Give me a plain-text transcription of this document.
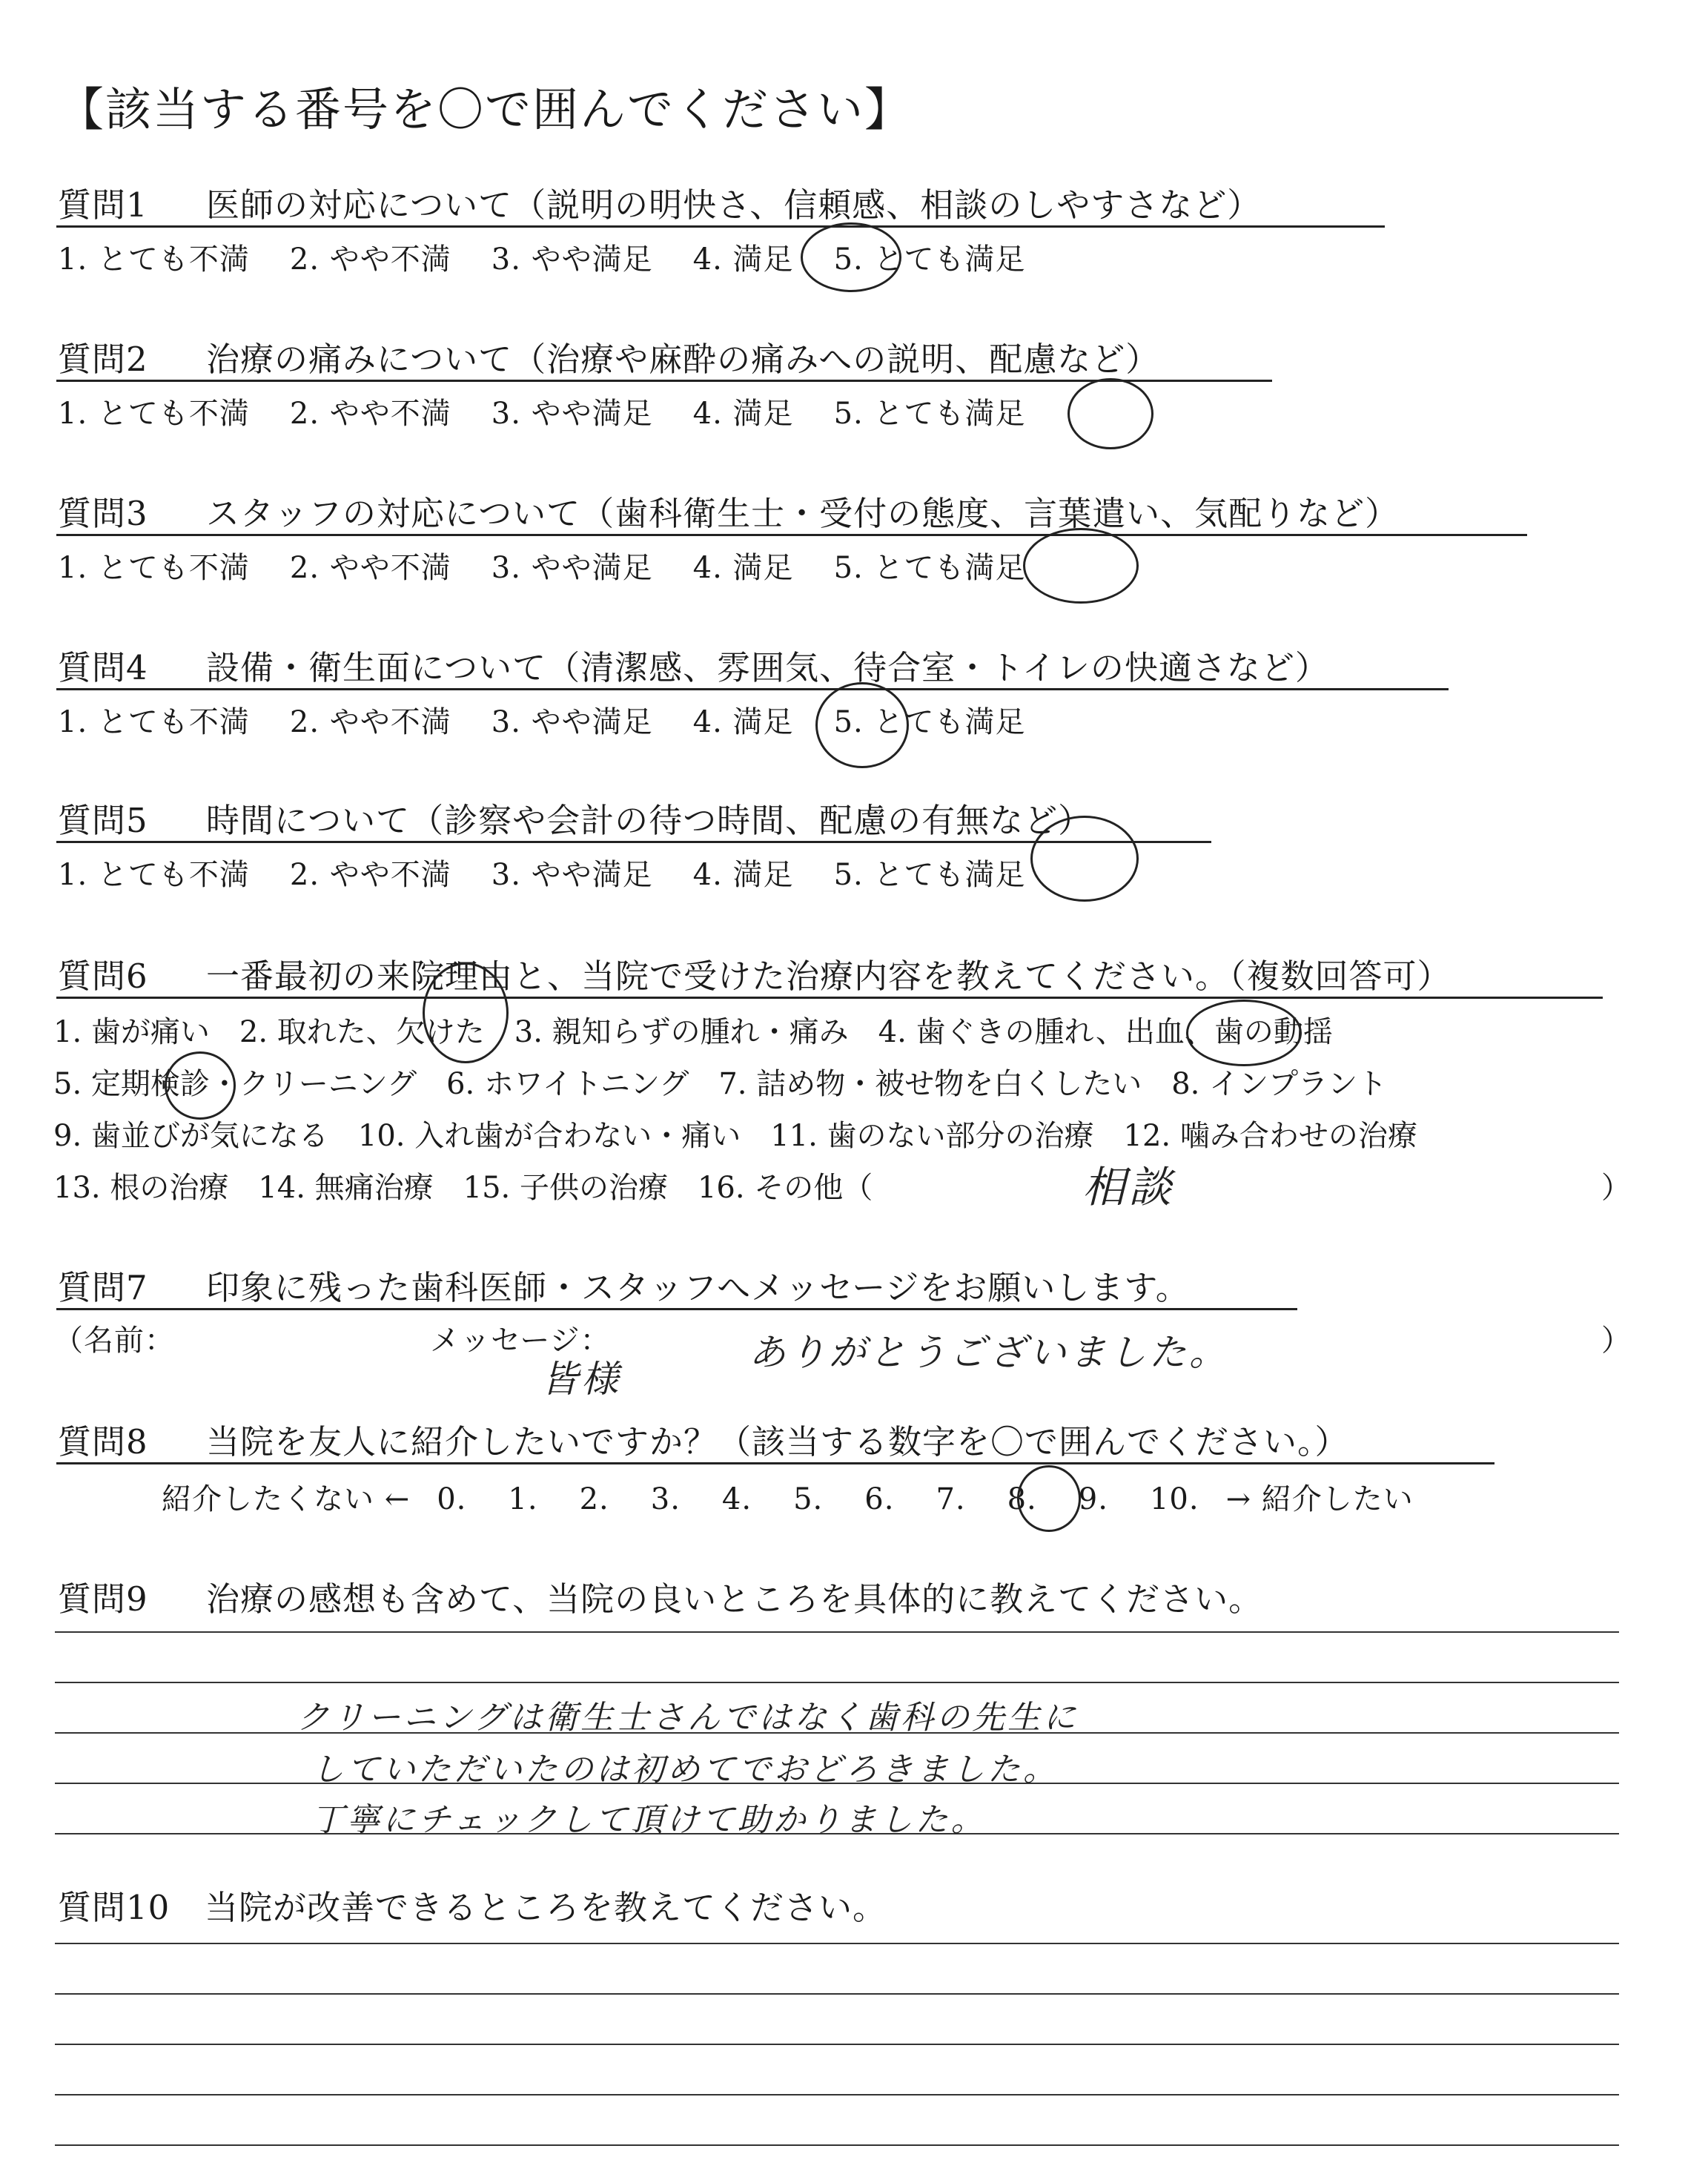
【該当する番号を〇で囲んでください】
質問1 医師の対応について（説明の明快さ、信頼感、相談のしやすさなど）
1. とても不満 2. やや不満 3. やや満足 4. 満足 5. とても満足
質問2 治療の痛みについて（治療や麻酔の痛みへの説明、配慮など）
1. とても不満 2. やや不満 3. やや満足 4. 満足 5. とても満足
質問3 スタッフの対応について（歯科衛生士・受付の態度、言葉遣い、気配りなど）
1. とても不満 2. やや不満 3. やや満足 4. 満足 5. とても満足
質問4 設備・衛生面について（清潔感、雰囲気、待合室・トイレの快適さなど）
1. とても不満 2. やや不満 3. やや満足 4. 満足 5. とても満足
質問5 時間について（診察や会計の待つ時間、配慮の有無など）
1. とても不満 2. やや不満 3. やや満足 4. 満足 5. とても満足
質問6 一番最初の来院理由と、当院で受けた治療内容を教えてください。（複数回答可）
1. 歯が痛い　2. 取れた、欠けた　3. 親知らずの腫れ・痛み　4. 歯ぐきの腫れ、出血、歯の動揺
5. 定期検診・クリーニング　6. ホワイトニング　7. 詰め物・被せ物を白くしたい　8. インプラント
9. 歯並びが気になる　10. 入れ歯が合わない・痛い　11. 歯のない部分の治療　12. 噛み合わせの治療
13. 根の治療　14. 無痛治療　15. 子供の治療　16. その他（	相談	）
質問7 印象に残った歯科医師・スタッフへメッセージをお願いします。
（名前：	メッセージ：	）
皆様
ありがとうございました。
質問8 当院を友人に紹介したいですか？（該当する数字を〇で囲んでください。）
紹介したくない ← 0. 1. 2. 3. 4. 5. 6. 7. 8. 9. 10. → 紹介したい
質問9 治療の感想も含めて、当院の良いところを具体的に教えてください。
クリーニングは衛生士さんではなく歯科の先生に
していただいたのは初めてでおどろきました。
丁寧にチェックして頂けて助かりました。
質問10 当院が改善できるところを教えてください。
